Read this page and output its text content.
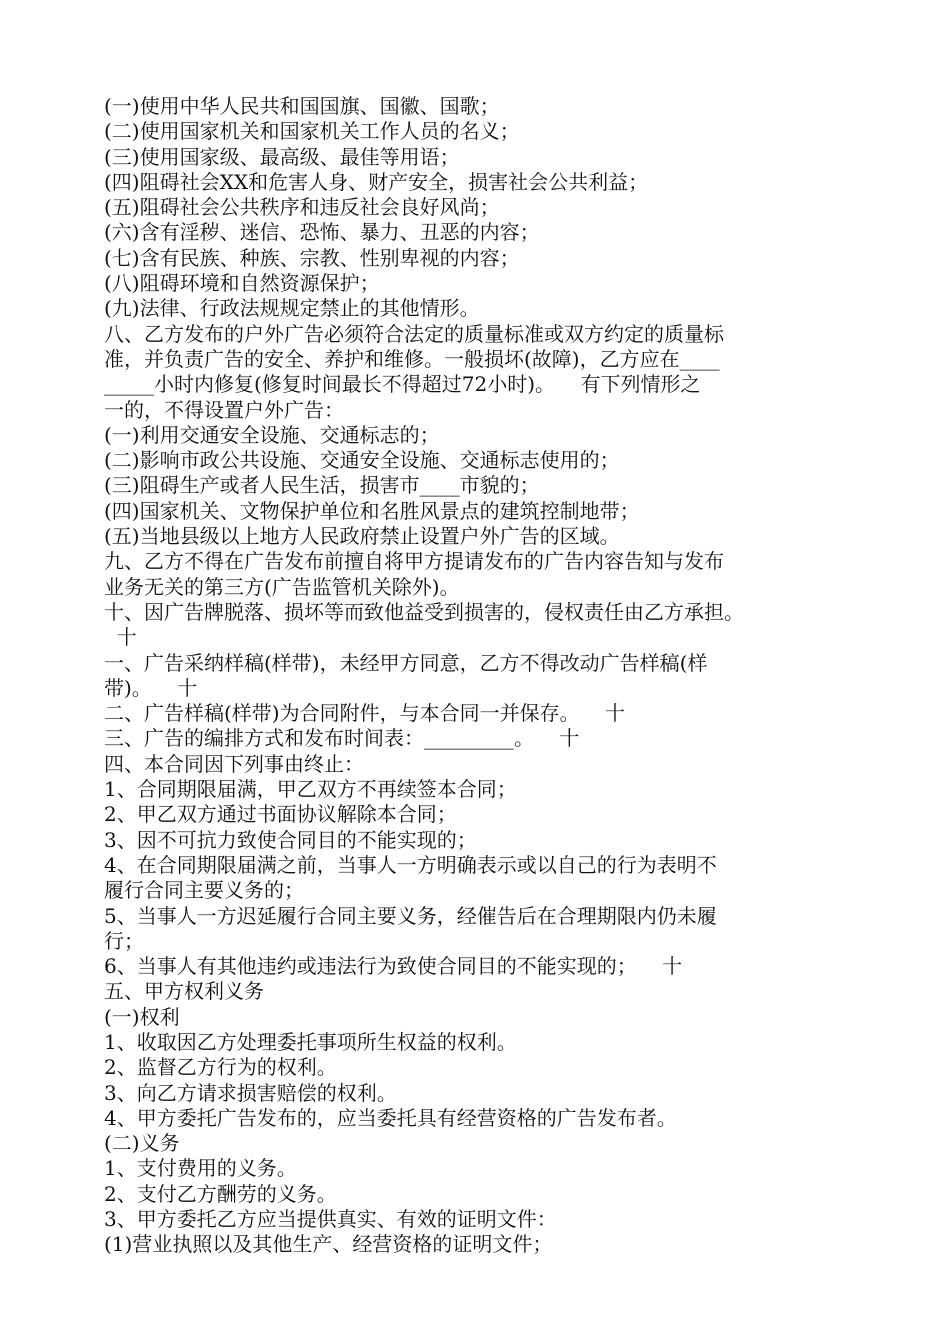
(一)使用中华人民共和国国旗、国徽、国歌；
(二)使用国家机关和国家机关工作人员的名义；
(三)使用国家级、最高级、最佳等用语；
(四)阻碍社会XX和危害人身、财产安全，损害社会公共利益；
(五)阻碍社会公共秩序和违反社会良好风尚；
(六)含有淫秽、迷信、恐怖、暴力、丑恶的内容；
(七)含有民族、种族、宗教、性别卑视的内容；
(八)阻碍环境和自然资源保护；
(九)法律、行政法规规定禁止的其他情形。
八、乙方发布的户外广告必须符合法定的质量标准或双方约定的质量标
准，并负责广告的安全、养护和维修。一般损坏(故障)，乙方应在____
_____小时内修复(修复时间最长不得超过72小时)。    有下列情形之
一的，不得设置户外广告：
(一)利用交通安全设施、交通标志的；
(二)影响市政公共设施、交通安全设施、交通标志使用的；
(三)阻碍生产或者人民生活，损害市____市貌的；
(四)国家机关、文物保护单位和名胜风景点的建筑控制地带；
(五)当地县级以上地方人民政府禁止设置户外广告的区域。
九、乙方不得在广告发布前擅自将甲方提请发布的广告内容告知与发布
业务无关的第三方(广告监管机关除外)。
十、因广告牌脱落、损坏等而致他益受到损害的，侵权责任由乙方承担。
十
一、广告采纳样稿(样带)，未经甲方同意，乙方不得改动广告样稿(样
带)。    十
二、广告样稿(样带)为合同附件，与本合同一并保存。    十
三、广告的编排方式和发布时间表：_________。    十
四、本合同因下列事由终止：
1、合同期限届满，甲乙双方不再续签本合同；
2、甲乙双方通过书面协议解除本合同；
3、因不可抗力致使合同目的不能实现的；
4、在合同期限届满之前，当事人一方明确表示或以自己的行为表明不
履行合同主要义务的；
5、当事人一方迟延履行合同主要义务，经催告后在合理期限内仍未履
行；
6、当事人有其他违约或违法行为致使合同目的不能实现的；    十
五、甲方权利义务
(一)权利
1、收取因乙方处理委托事项所生权益的权利。
2、监督乙方行为的权利。
3、向乙方请求损害赔偿的权利。
4、甲方委托广告发布的，应当委托具有经营资格的广告发布者。
(二)义务
1、支付费用的义务。
2、支付乙方酬劳的义务。
3、甲方委托乙方应当提供真实、有效的证明文件：
(1)营业执照以及其他生产、经营资格的证明文件；
